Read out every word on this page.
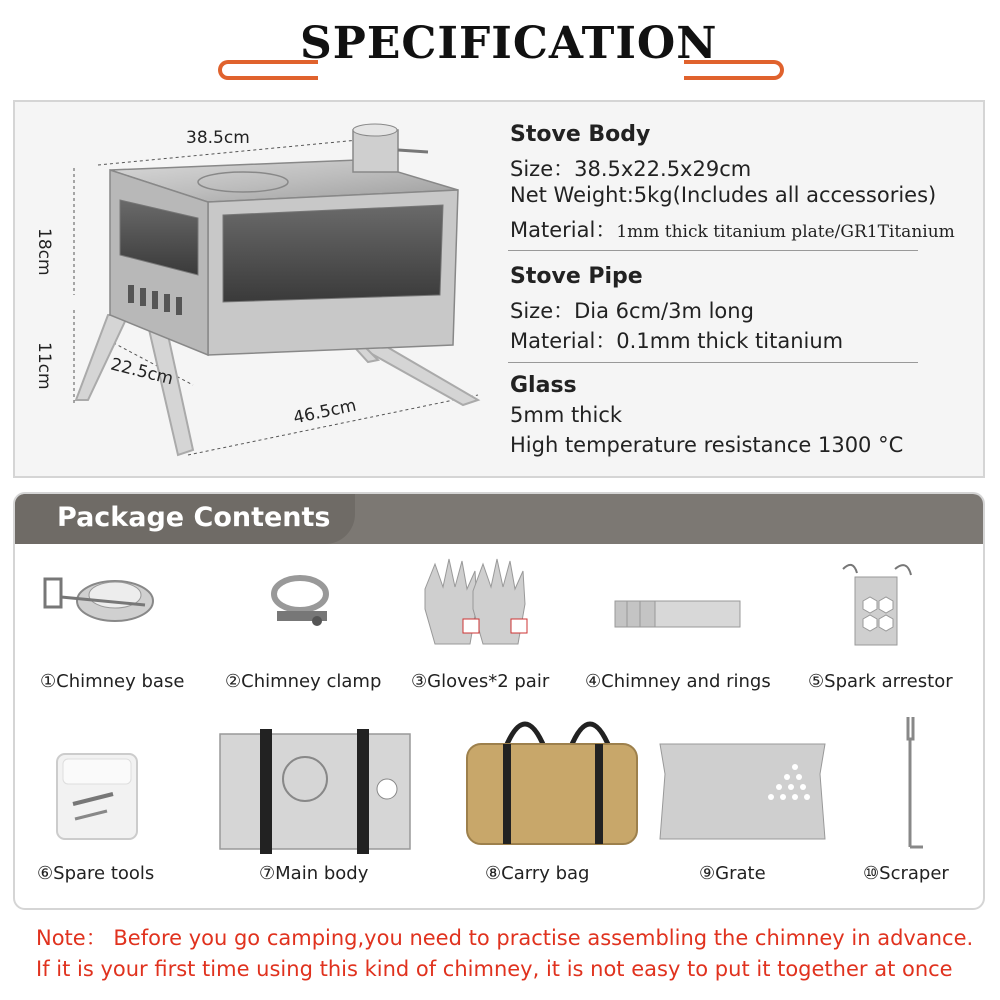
SPECIFICATION
38.5cm
18cm
11cm	22.5cm
46.5cm
Stove Body
Size：38.5x22.5x29cm
Net Weight:5kg(Includes all accessories)
Material：1mm thick titanium plate/GR1Titanium
Stove Pipe
Size：Dia 6cm/3m long
Material：0.1mm thick titanium
Glass
5mm thick
High temperature resistance 1300 °C
Package Contents
①Chimney base ②Chimney clamp ③Gloves*2 pair ④Chimney and rings ⑤Spark arrestor
⑥Spare tools	⑦Main body	⑧Carry bag	⑨Grate	⑩Scraper
Note： Before you go camping,you need to practise assembling the chimney in advance.
If it is your first time using this kind of chimney, it is not easy to put it together at once
